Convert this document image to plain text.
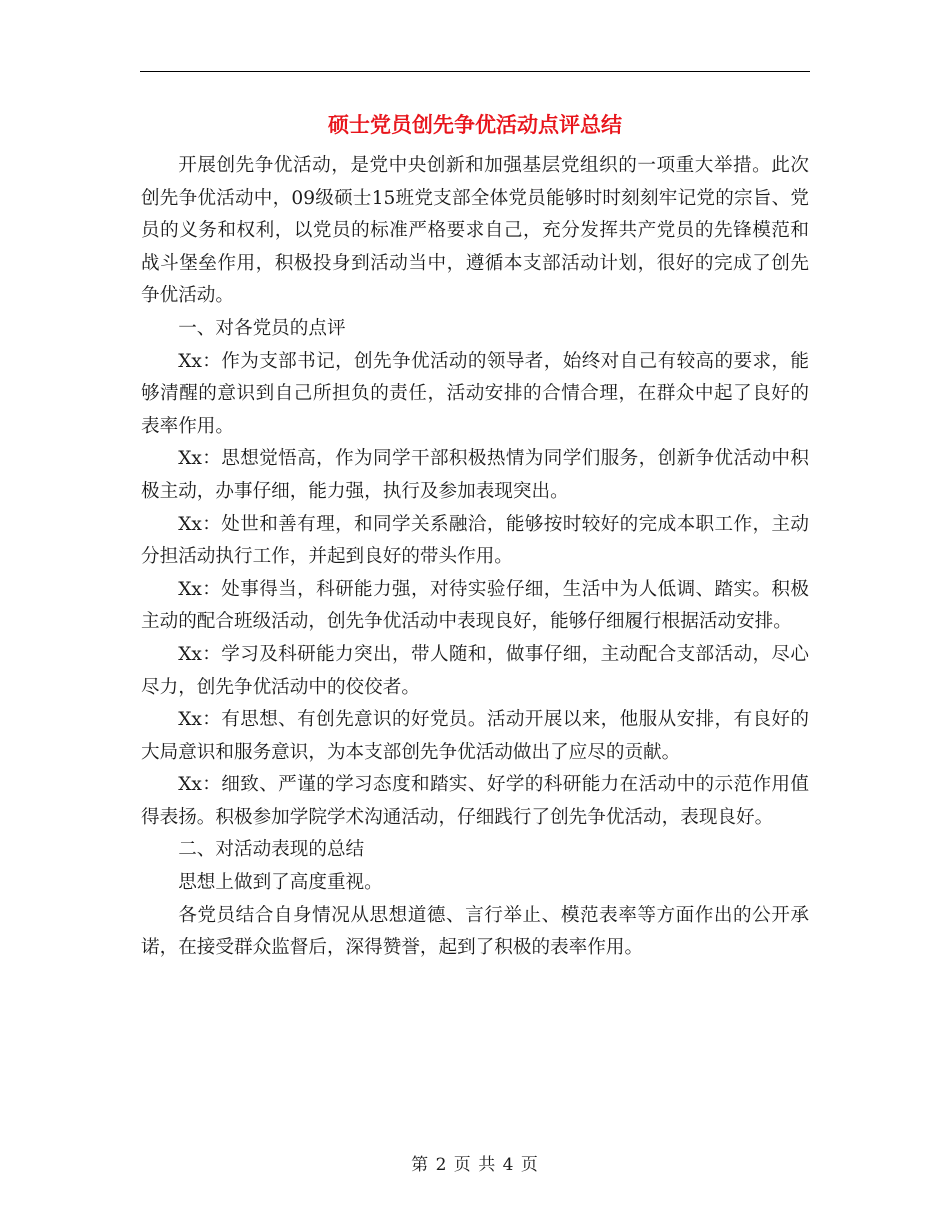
硕士党员创先争优活动点评总结

开展创先争优活动，是党中央创新和加强基层党组织的一项重大举措。此次创先争优活动中，09级硕士15班党支部全体党员能够时时刻刻牢记党的宗旨、党员的义务和权利，以党员的标准严格要求自己，充分发挥共产党员的先锋模范和战斗堡垒作用，积极投身到活动当中，遵循本支部活动计划，很好的完成了创先争优活动。

一、对各党员的点评

Xx：作为支部书记，创先争优活动的领导者，始终对自己有较高的要求，能够清醒的意识到自己所担负的责任，活动安排的合情合理，在群众中起了良好的表率作用。

Xx：思想觉悟高，作为同学干部积极热情为同学们服务，创新争优活动中积极主动，办事仔细，能力强，执行及参加表现突出。

Xx：处世和善有理，和同学关系融洽，能够按时较好的完成本职工作，主动分担活动执行工作，并起到良好的带头作用。

Xx：处事得当，科研能力强，对待实验仔细，生活中为人低调、踏实。积极主动的配合班级活动，创先争优活动中表现良好，能够仔细履行根据活动安排。

Xx：学习及科研能力突出，带人随和，做事仔细，主动配合支部活动，尽心尽力，创先争优活动中的佼佼者。

Xx：有思想、有创先意识的好党员。活动开展以来，他服从安排，有良好的大局意识和服务意识，为本支部创先争优活动做出了应尽的贡献。

Xx：细致、严谨的学习态度和踏实、好学的科研能力在活动中的示范作用值得表扬。积极参加学院学术沟通活动，仔细践行了创先争优活动，表现良好。

二、对活动表现的总结

思想上做到了高度重视。

各党员结合自身情况从思想道德、言行举止、模范表率等方面作出的公开承诺，在接受群众监督后，深得赞誉，起到了积极的表率作用。

第 2 页 共 4 页
